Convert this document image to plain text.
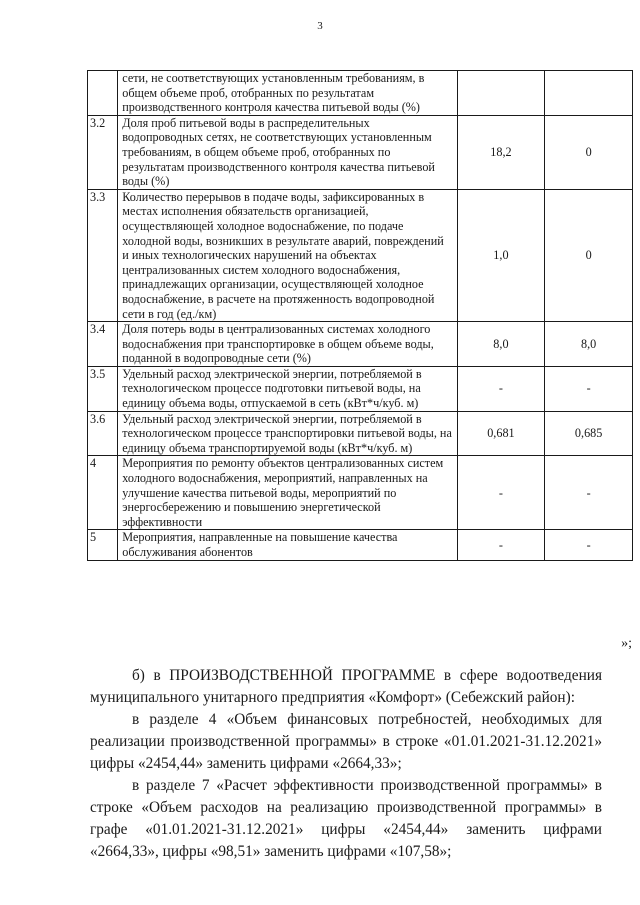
3
	сети, не соответствующих установленным требованиям, в общем объеме проб, отобранных по результатам производственного контроля качества питьевой воды (%)		
3.2	Доля проб питьевой воды в распределительных водопроводных сетях, не соответствующих установленным требованиям, в общем объеме проб, отобранных по результатам производственного контроля качества питьевой воды (%)	18,2	0
3.3	Количество перерывов в подаче воды, зафиксированных в местах исполнения обязательств организацией, осуществляющей холодное водоснабжение, по подаче холодной воды, возникших в результате аварий, повреждений и иных технологических нарушений на объектах централизованных систем холодного водоснабжения, принадлежащих организации, осуществляющей холодное водоснабжение, в расчете на протяженность водопроводной сети в год (ед./км)	1,0	0
3.4	Доля потерь воды в централизованных системах холодного водоснабжения при транспортировке в общем объеме воды, поданной в водопроводные сети (%)	8,0	8,0
3.5	Удельный расход электрической энергии, потребляемой в технологическом процессе подготовки питьевой воды, на единицу объема воды, отпускаемой в сеть (кВт*ч/куб. м)	-	-
3.6	Удельный расход электрической энергии, потребляемой в технологическом процессе транспортировки питьевой воды, на единицу объема транспортируемой воды (кВт*ч/куб. м)	0,681	0,685
4	Мероприятия по ремонту объектов централизованных систем холодного водоснабжения, мероприятий, направленных на улучшение качества питьевой воды, мероприятий по энергосбережению и повышению энергетической эффективности	-	-
5	Мероприятия, направленные на повышение качества обслуживания абонентов	-	-
»;

б) в ПРОИЗВОДСТВЕННОЙ ПРОГРАММЕ в сфере водоотведения муниципального унитарного предприятия «Комфорт» (Себежский район):

в разделе 4 «Объем финансовых потребностей, необходимых для реализации производственной программы» в строке «01.01.2021-31.12.2021» цифры «2454,44» заменить цифрами «2664,33»;

в разделе 7 «Расчет эффективности производственной программы» в строке «Объем расходов на реализацию производственной программы» в графе «01.01.2021-31.12.2021» цифры «2454,44» заменить цифрами «2664,33», цифры «98,51» заменить цифрами «107,58»;
